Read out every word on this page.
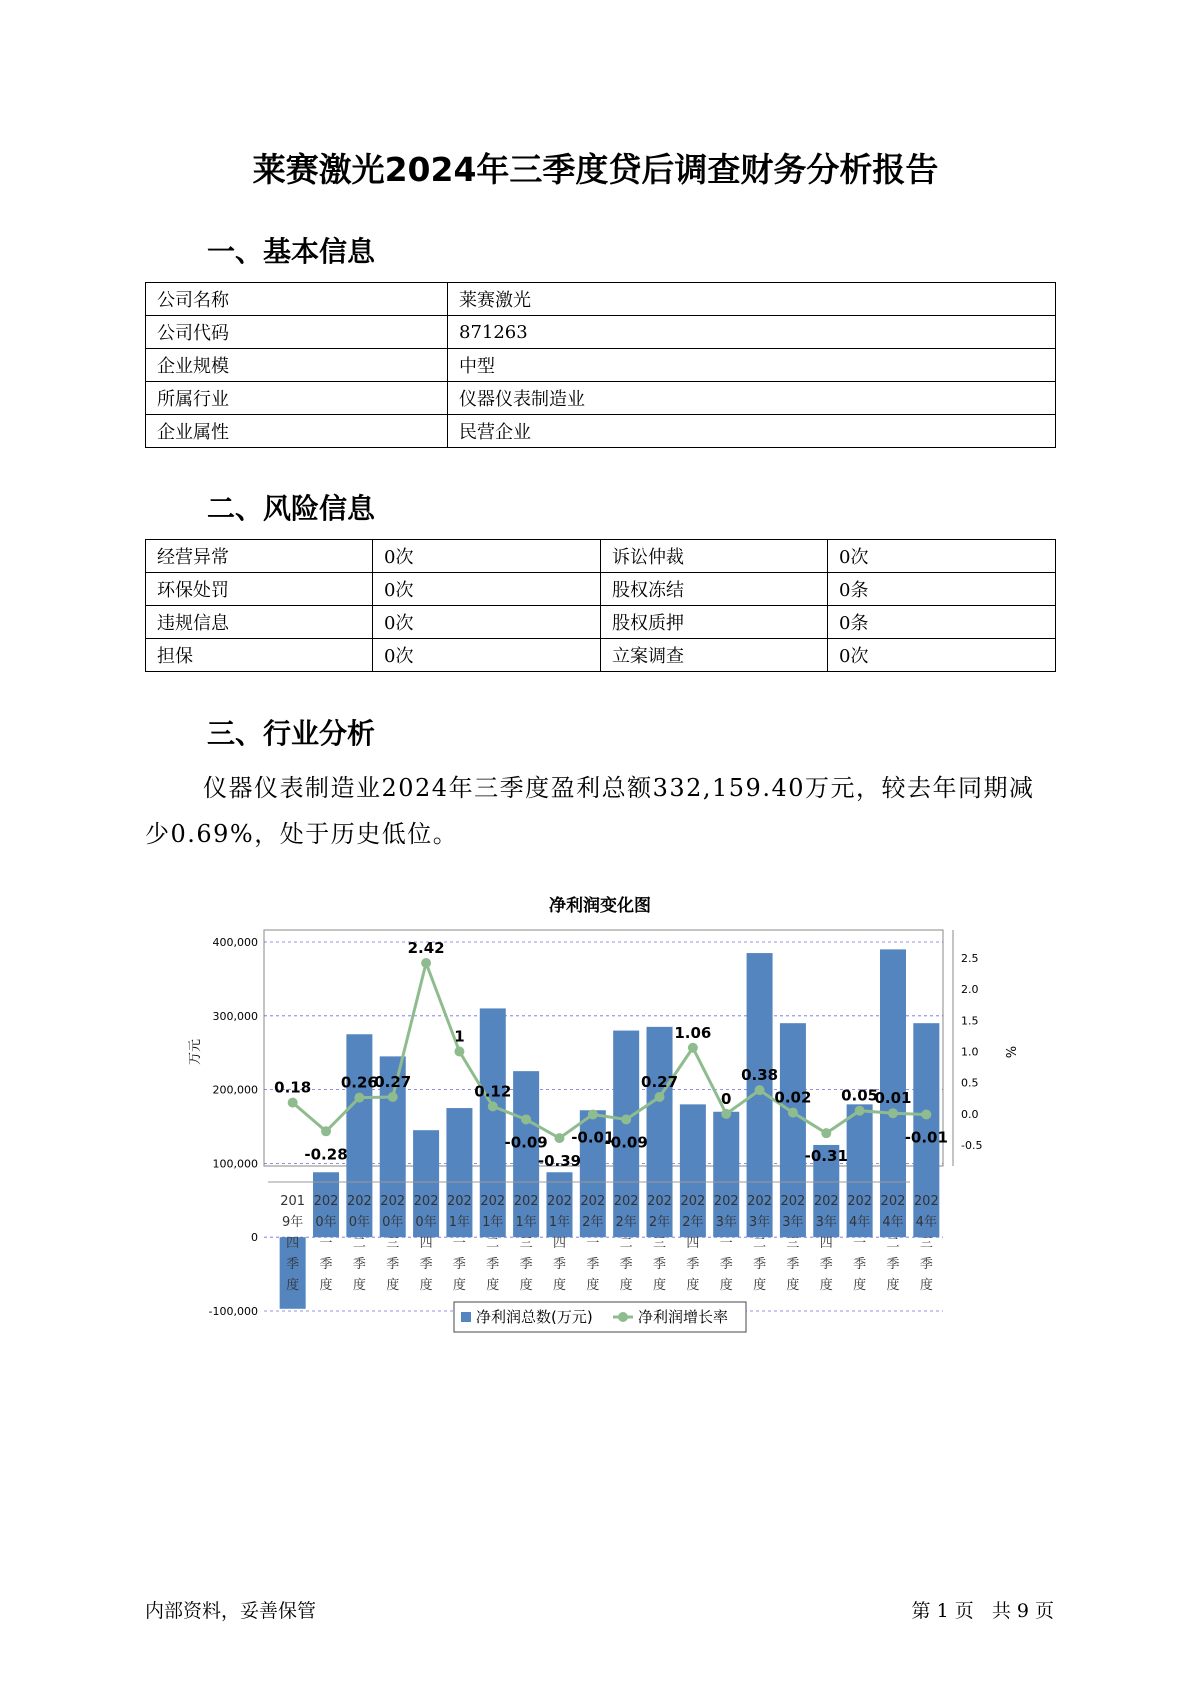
莱赛激光2024年三季度贷后调查财务分析报告
一、基本信息
公司名称	莱赛激光
公司代码	871263
企业规模	中型
所属行业	仪器仪表制造业
企业属性	民营企业
二、风险信息
经营异常	0次	诉讼仲裁	0次
环保处罚	0次	股权冻结	0条
违规信息	0次	股权质押	0条
担保	0次	立案调查	0次
三、行业分析
仪器仪表制造业2024年三季度盈利总额332,159.40万元，较去年同期减少0.69%，处于历史低位。
净利润变化图
-100,000
0
100,000
200,000
300,000
400,000
-0.5
0.0
0.5
1.0
1.5
2.0
2.5
万元	%
0.18
-0.28
0.26
0.27
2.42
1
0.12
-0.09
-0.39
-0.01
-0.09
0.27
1.06
0
0.38
0.02
-0.31
0.05
0.01
-0.01
201
9年
四
季
度
202
0年
一
季
度
202
0年
二
季
度
202
0年
三
季
度
202
0年
四
季
度
202
1年
一
季
度
202
1年
二
季
度
202
1年
三
季
度
202
1年
四
季
度
202
2年
一
季
度
202
2年
二
季
度
202
2年
三
季
度
202
2年
四
季
度
202
3年
一
季
度
202
3年
二
季
度
202
3年
三
季
度
202
3年
四
季
度
202
4年
一
季
度
202
4年
二
季
度
202
4年
三
季
度
净利润总数(万元)	净利润增长率
内部资料，妥善保管	第 1 页   共 9 页
